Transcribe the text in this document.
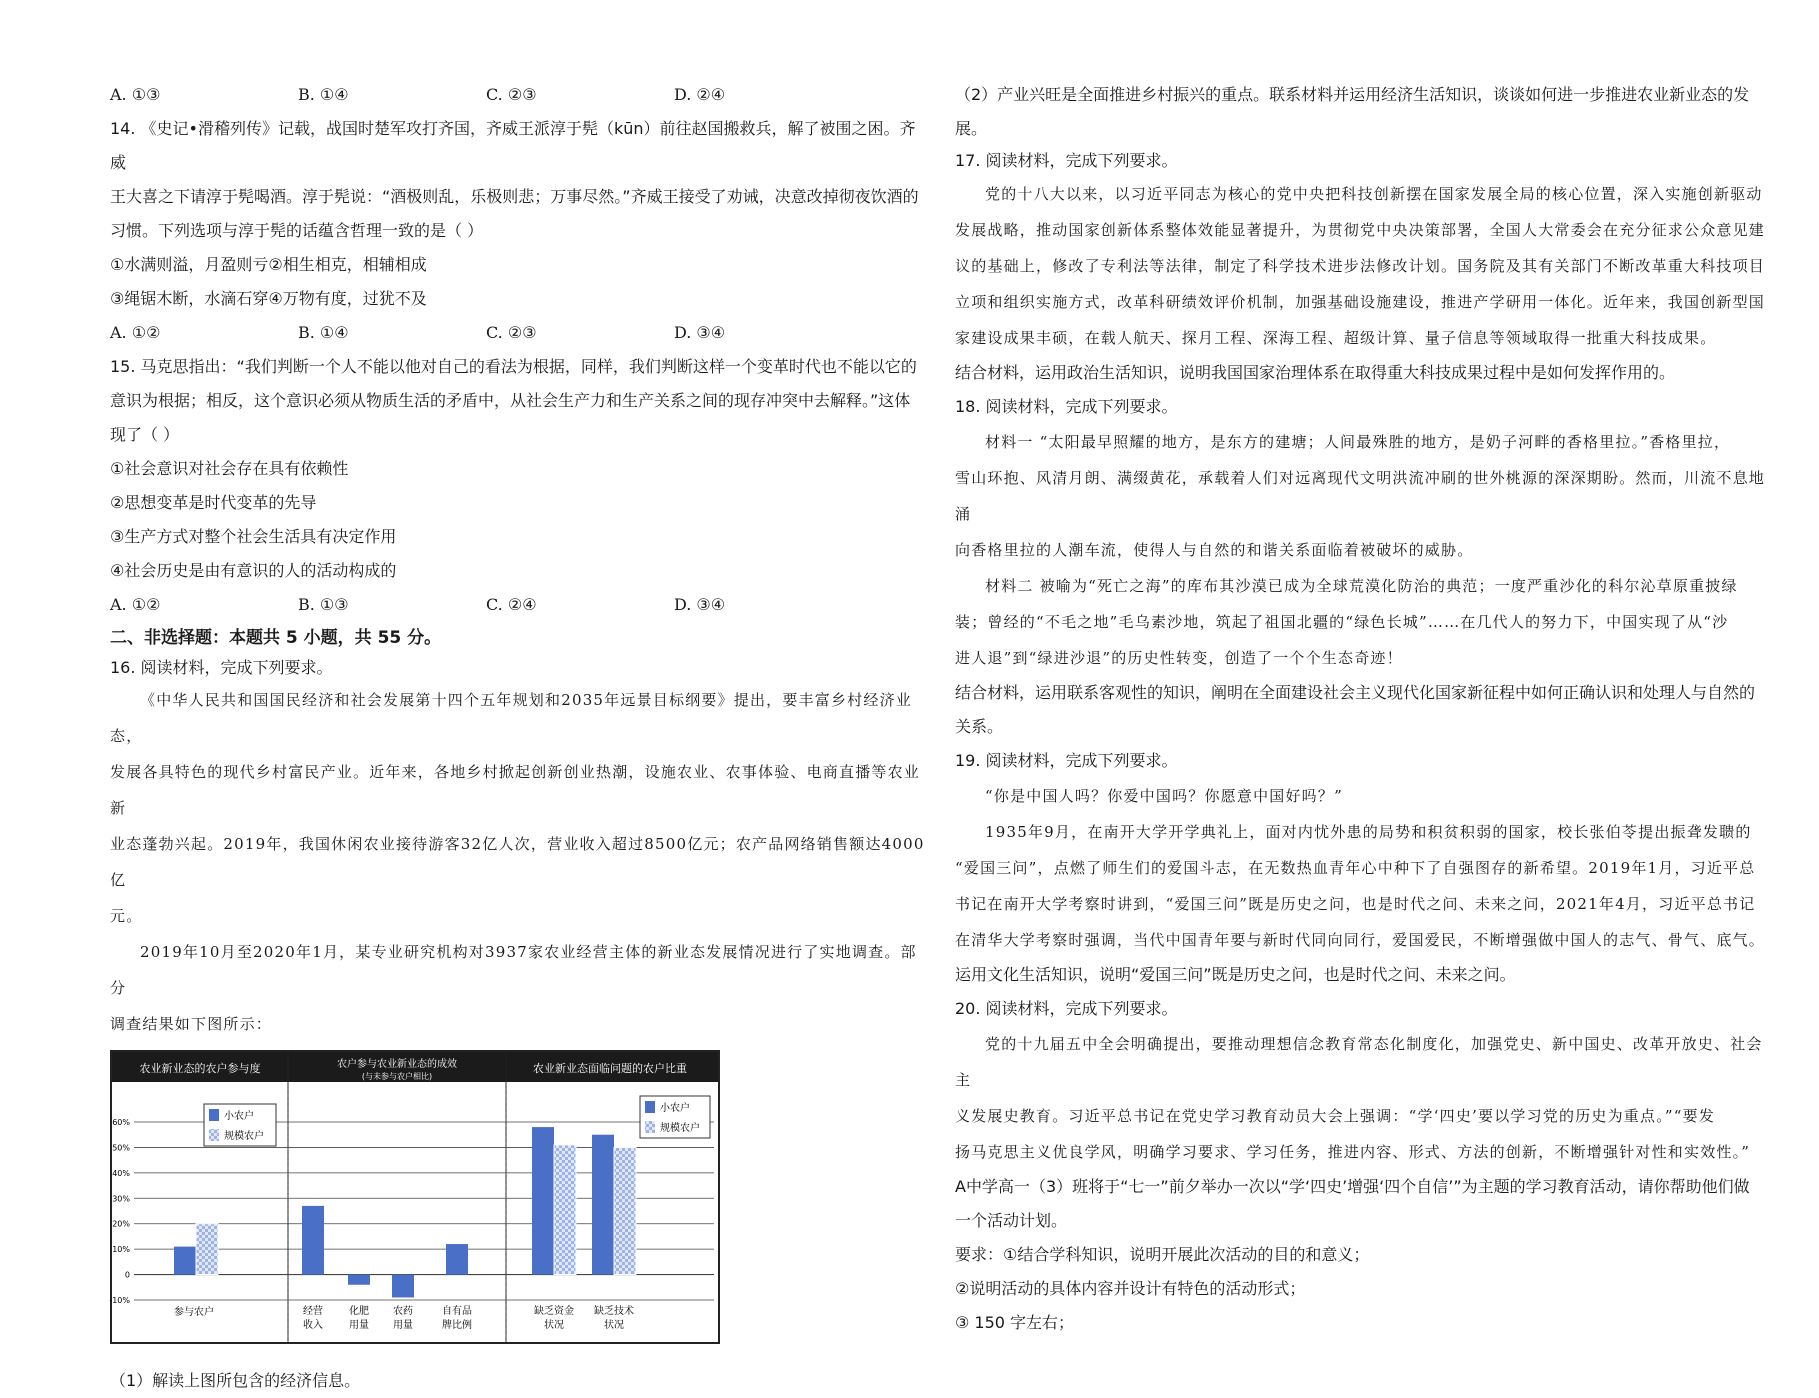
A. ①③	B. ①④	C. ②③	D. ②④

14. 《史记•滑稽列传》记载，战国时楚军攻打齐国，齐威王派淳于髡（kūn）前往赵国搬救兵，解了被围之困。齐威

王大喜之下请淳于髡喝酒。淳于髡说：“酒极则乱，乐极则悲；万事尽然。”齐威王接受了劝诫，决意改掉彻夜饮酒的

习惯。下列选项与淳于髡的话蕴含哲理一致的是（ ）

①水满则溢，月盈则亏②相生相克，相辅相成

③绳锯木断，水滴石穿④万物有度，过犹不及

A. ①②	B. ①④	C. ②③	D. ③④

15. 马克思指出：“我们判断一个人不能以他对自己的看法为根据，同样，我们判断这样一个变革时代也不能以它的

意识为根据；相反，这个意识必须从物质生活的矛盾中，从社会生产力和生产关系之间的现存冲突中去解释。”这体

现了（ ）

①社会意识对社会存在具有依赖性

②思想变革是时代变革的先导

③生产方式对整个社会生活具有决定作用

④社会历史是由有意识的人的活动构成的

A. ①②	B. ①③	C. ②④	D. ③④

二、非选择题：本题共 5 小题，共 55 分。

16. 阅读材料，完成下列要求。

《中华人民共和国国民经济和社会发展第十四个五年规划和2035年远景目标纲要》提出，要丰富乡村经济业态，

发展各具特色的现代乡村富民产业。近年来，各地乡村掀起创新创业热潮，设施农业、农事体验、电商直播等农业新

业态蓬勃兴起。2019年，我国休闲农业接待游客32亿人次，营业收入超过8500亿元；农产品网络销售额达4000亿

元。

2019年10月至2020年1月，某专业研究机构对3937家农业经营主体的新业态发展情况进行了实地调查。部分

调查结果如下图所示：

农业新业态的农户参与度	农户参与农业新业态的成效
(与未参与农户相比)
农业新业态面临问题的农户比重
60%
50%
40%
30%
20%
10%
0
-10%
参与农户
小农户
规模农户
经营
收入
化肥
用量
农药
用量
自有品
牌比例
缺乏资金
状况
缺乏技术
状况
小农户
规模农户

（1）解读上图所包含的经济信息。

（2）产业兴旺是全面推进乡村振兴的重点。联系材料并运用经济生活知识，谈谈如何进一步推进农业新业态的发展。

17. 阅读材料，完成下列要求。

党的十八大以来，以习近平同志为核心的党中央把科技创新摆在国家发展全局的核心位置，深入实施创新驱动

发展战略，推动国家创新体系整体效能显著提升，为贯彻党中央决策部署，全国人大常委会在充分征求公众意见建

议的基础上，修改了专利法等法律，制定了科学技术进步法修改计划。国务院及其有关部门不断改革重大科技项目

立项和组织实施方式，改革科研绩效评价机制，加强基础设施建设，推进产学研用一体化。近年来，我国创新型国

家建设成果丰硕，在载人航天、探月工程、深海工程、超级计算、量子信息等领域取得一批重大科技成果。

结合材料，运用政治生活知识，说明我国国家治理体系在取得重大科技成果过程中是如何发挥作用的。

18. 阅读材料，完成下列要求。

材料一 “太阳最早照耀的地方，是东方的建塘；人间最殊胜的地方，是奶子河畔的香格里拉。”香格里拉，

雪山环抱、风清月朗、满缀黄花，承载着人们对远离现代文明洪流冲刷的世外桃源的深深期盼。然而，川流不息地涌

向香格里拉的人潮车流，使得人与自然的和谐关系面临着被破坏的威胁。

材料二 被喻为“死亡之海”的库布其沙漠已成为全球荒漠化防治的典范；一度严重沙化的科尔沁草原重披绿

装；曾经的“不毛之地”毛乌素沙地，筑起了祖国北疆的“绿色长城”……在几代人的努力下，中国实现了从“沙

进人退”到“绿进沙退”的历史性转变，创造了一个个生态奇迹！

结合材料，运用联系客观性的知识，阐明在全面建设社会主义现代化国家新征程中如何正确认识和处理人与自然的

关系。

19. 阅读材料，完成下列要求。

“你是中国人吗？你爱中国吗？你愿意中国好吗？”

1935年9月，在南开大学开学典礼上，面对内忧外患的局势和积贫积弱的国家，校长张伯苓提出振聋发聩的

“爱国三问”，点燃了师生们的爱国斗志，在无数热血青年心中种下了自强图存的新希望。2019年1月，习近平总

书记在南开大学考察时讲到，“爱国三问”既是历史之问，也是时代之问、未来之问，2021年4月，习近平总书记

在清华大学考察时强调，当代中国青年要与新时代同向同行，爱国爱民，不断增强做中国人的志气、骨气、底气。

运用文化生活知识，说明“爱国三问”既是历史之问，也是时代之问、未来之问。

20. 阅读材料，完成下列要求。

党的十九届五中全会明确提出，要推动理想信念教育常态化制度化，加强党史、新中国史、改革开放史、社会主

义发展史教育。习近平总书记在党史学习教育动员大会上强调：“学‘四史’要以学习党的历史为重点。”“要发

扬马克思主义优良学风，明确学习要求、学习任务，推进内容、形式、方法的创新，不断增强针对性和实效性。”

A中学高一（3）班将于“七一”前夕举办一次以“学‘四史’增强‘四个自信’”为主题的学习教育活动，请你帮助他们做

一个活动计划。

要求：①结合学科知识，说明开展此次活动的目的和意义；

②说明活动的具体内容并设计有特色的活动形式；

③ 150 字左右；
